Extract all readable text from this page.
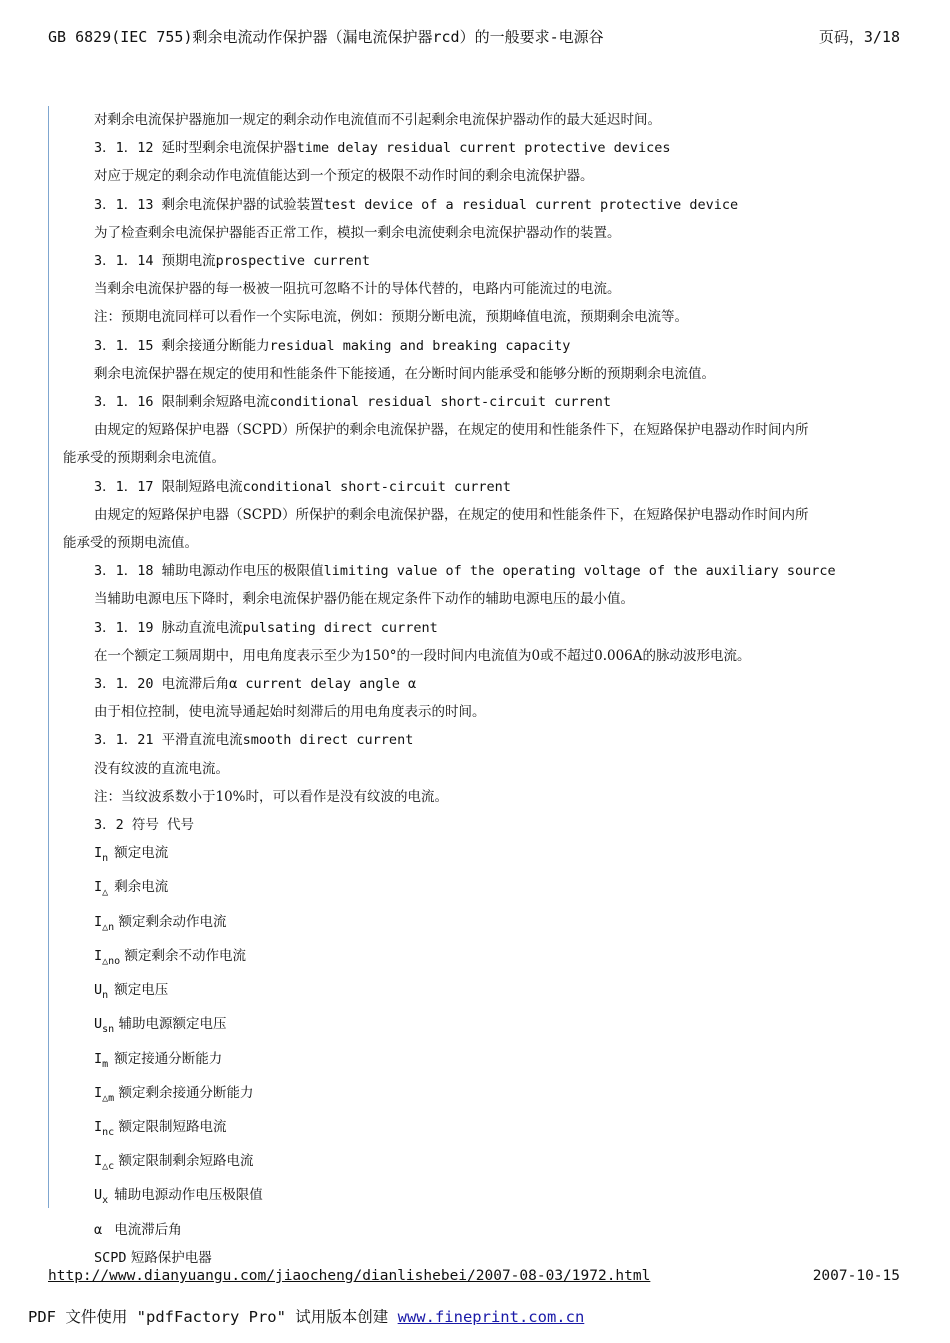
GB 6829(IEC 755)剩余电流动作保护器（漏电流保护器rcd）的一般要求-电源谷	页码，3/18
对剩余电流保护器施加一规定的剩余动作电流值而不引起剩余电流保护器动作的最大延迟时间。
3．1．12 延时型剩余电流保护器time delay residual current protective devices
对应于规定的剩余动作电流值能达到一个预定的极限不动作时间的剩余电流保护器。
3．1．13 剩余电流保护器的试验装置test device of a residual current protective device
为了检查剩余电流保护器能否正常工作，模拟一剩余电流使剩余电流保护器动作的装置。
3．1．14 预期电流prospective current
当剩余电流保护器的每一极被一阻抗可忽略不计的导体代替的，电路内可能流过的电流。
注：预期电流同样可以看作一个实际电流，例如：预期分断电流，预期峰值电流，预期剩余电流等。
3．1．15 剩余接通分断能力residual making and breaking capacity
剩余电流保护器在规定的使用和性能条件下能接通，在分断时间内能承受和能够分断的预期剩余电流值。
3．1．16 限制剩余短路电流conditional residual short-circuit current
由规定的短路保护电器（SCPD）所保护的剩余电流保护器，在规定的使用和性能条件下，在短路保护电器动作时间内所
能承受的预期剩余电流值。
3．1．17 限制短路电流conditional short-circuit current
由规定的短路保护电器（SCPD）所保护的剩余电流保护器，在规定的使用和性能条件下，在短路保护电器动作时间内所
能承受的预期电流值。
3．1．18 辅助电源动作电压的极限值limiting value of the operating voltage of the auxiliary source
当辅助电源电压下降时，剩余电流保护器仍能在规定条件下动作的辅助电源电压的最小值。
3．1．19 脉动直流电流pulsating direct current
在一个额定工频周期中，用电角度表示至少为150°的一段时间内电流值为0或不超过0.006A的脉动波形电流。
3．1．20 电流滞后角α current delay angle α
由于相位控制，使电流导通起始时刻滞后的用电角度表示的时间。
3．1．21 平滑直流电流smooth direct current
没有纹波的直流电流。
注：当纹波系数小于10%时，可以看作是没有纹波的电流。
3．2 符号 代号
$I_n$ 额定电流
$I_\triangle$ 剩余电流
$I_{\triangle n}$ 额定剩余动作电流
$I_{\triangle no}$ 额定剩余不动作电流
$U_n$ 额定电压
$U_{sn}$ 辅助电源额定电压
$I_m$ 额定接通分断能力
$I_{\triangle m}$ 额定剩余接通分断能力
$I_{nc}$ 额定限制短路电流
$I_{\triangle c}$ 额定限制剩余短路电流
$U_x$ 辅助电源动作电压极限值
α 电流滞后角
SCPD 短路保护电器
http://www.dianyuangu.com/jiaocheng/dianlishebei/2007-08-03/1972.html	2007-10-15
PDF 文件使用 "pdfFactory Pro" 试用版本创建 www.fineprint.com.cn
